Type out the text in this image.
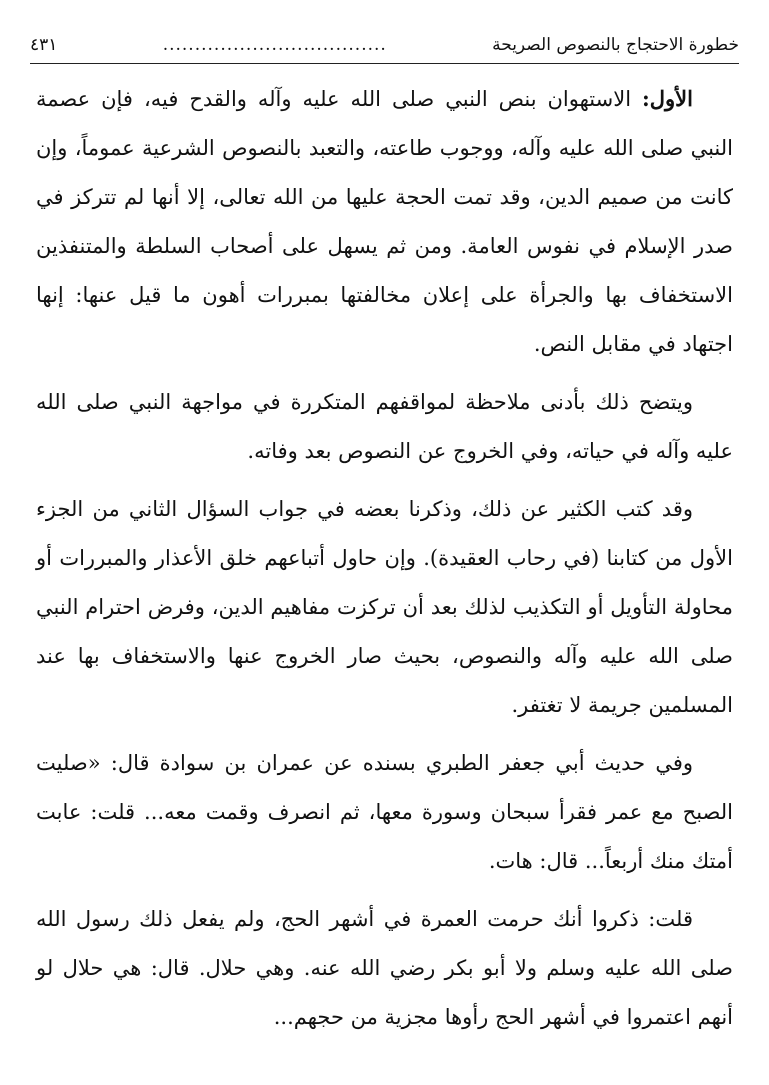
خطورة الاحتجاج بالنصوص الصريحة
...................................
٤٣١

الأول: الاستهوان بنص النبي صلى الله عليه وآله والقدح فيه، فإن عصمة النبي صلى الله عليه وآله، ووجوب طاعته، والتعبد بالنصوص الشرعية عموماً، وإن كانت من صميم الدين، وقد تمت الحجة عليها من الله تعالى، إلا أنها لم تتركز في صدر الإسلام في نفوس العامة. ومن ثم يسهل على أصحاب السلطة والمتنفذين الاستخفاف بها والجرأة على إعلان مخالفتها بمبررات أهون ما قيل عنها: إنها اجتهاد في مقابل النص.

ويتضح ذلك بأدنى ملاحظة لمواقفهم المتكررة في مواجهة النبي صلى الله عليه وآله في حياته، وفي الخروج عن النصوص بعد وفاته.

وقد كتب الكثير عن ذلك، وذكرنا بعضه في جواب السؤال الثاني من الجزء الأول من كتابنا (في رحاب العقيدة). وإن حاول أتباعهم خلق الأعذار والمبررات أو محاولة التأويل أو التكذيب لذلك بعد أن تركزت مفاهيم الدين، وفرض احترام النبي صلى الله عليه وآله والنصوص، بحيث صار الخروج عنها والاستخفاف بها عند المسلمين جريمة لا تغتفر.

وفي حديث أبي جعفر الطبري بسنده عن عمران بن سوادة قال: «صليت الصبح مع عمر فقرأ سبحان وسورة معها، ثم انصرف وقمت معه... قلت: عابت أمتك منك أربعاً... قال: هات.

قلت: ذكروا أنك حرمت العمرة في أشهر الحج، ولم يفعل ذلك رسول الله صلى الله عليه وسلم ولا أبو بكر رضي الله عنه. وهي حلال. قال: هي حلال لو أنهم اعتمروا في أشهر الحج رأوها مجزية من حجهم...
